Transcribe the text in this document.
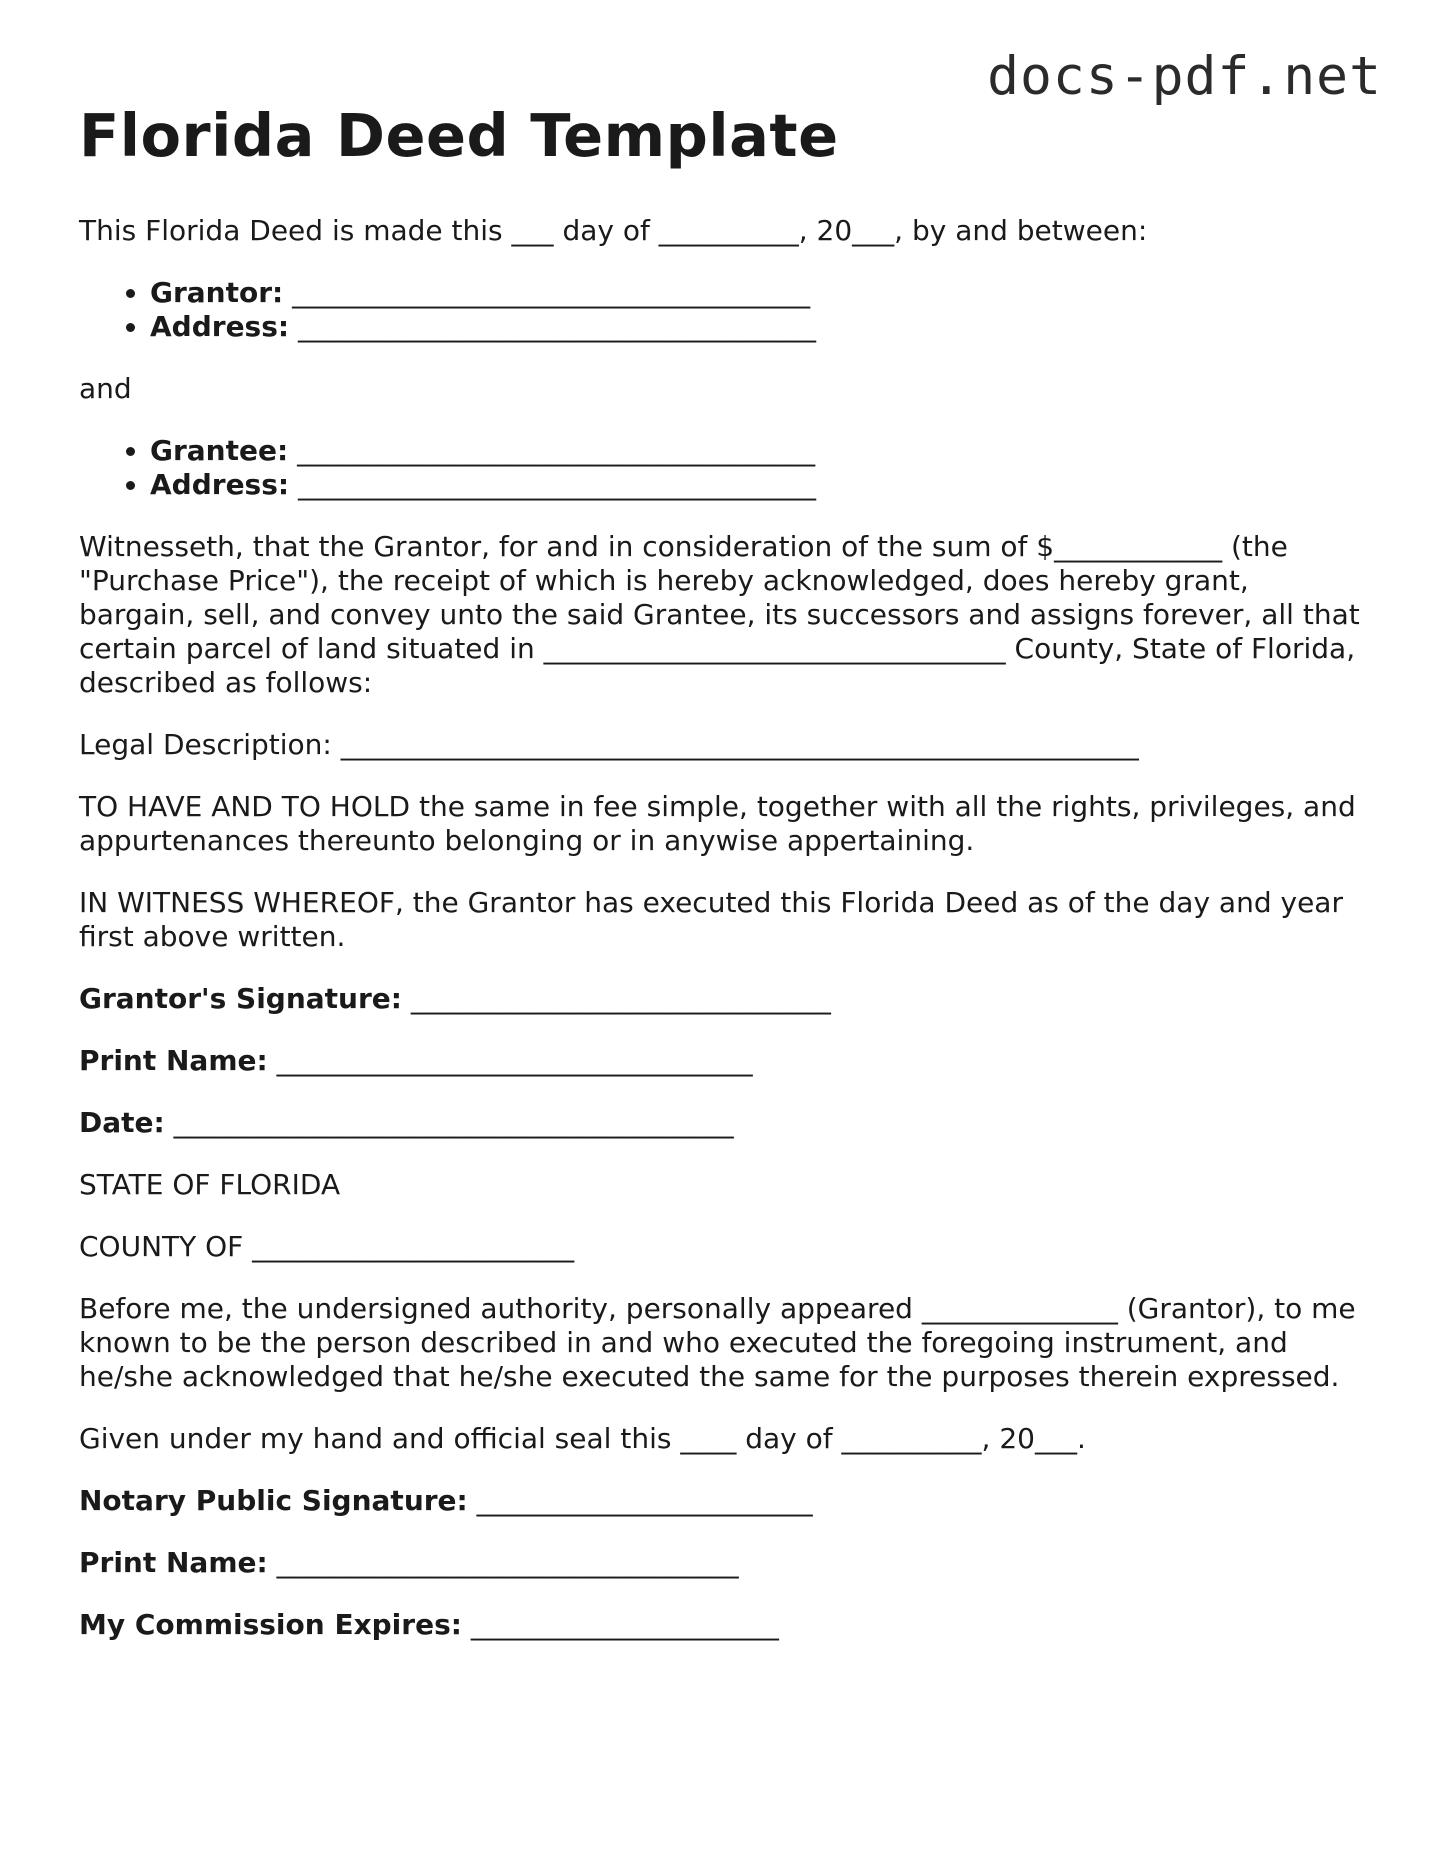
docs-pdf.net
Florida Deed Template

This Florida Deed is made this ___ day of __________, 20___, by and between:

• Grantor: _____________________________________
• Address: _____________________________________

and

• Grantee: _____________________________________
• Address: _____________________________________

Witnesseth, that the Grantor, for and in consideration of the sum of $____________ (the "Purchase Price"), the receipt of which is hereby acknowledged, does hereby grant, bargain, sell, and convey unto the said Grantee, its successors and assigns forever, all that certain parcel of land situated in _________________________________ County, State of Florida, described as follows:

Legal Description: _________________________________________________________

TO HAVE AND TO HOLD the same in fee simple, together with all the rights, privileges, and appurtenances thereunto belonging or in anywise appertaining.

IN WITNESS WHEREOF, the Grantor has executed this Florida Deed as of the day and year first above written.

Grantor's Signature: ______________________________
Print Name: __________________________________
Date: ________________________________________

STATE OF FLORIDA

COUNTY OF _______________________

Before me, the undersigned authority, personally appeared ______________ (Grantor), to me known to be the person described in and who executed the foregoing instrument, and he/she acknowledged that he/she executed the same for the purposes therein expressed.

Given under my hand and official seal this ____ day of __________, 20___.

Notary Public Signature: ________________________
Print Name: _________________________________
My Commission Expires: ______________________
